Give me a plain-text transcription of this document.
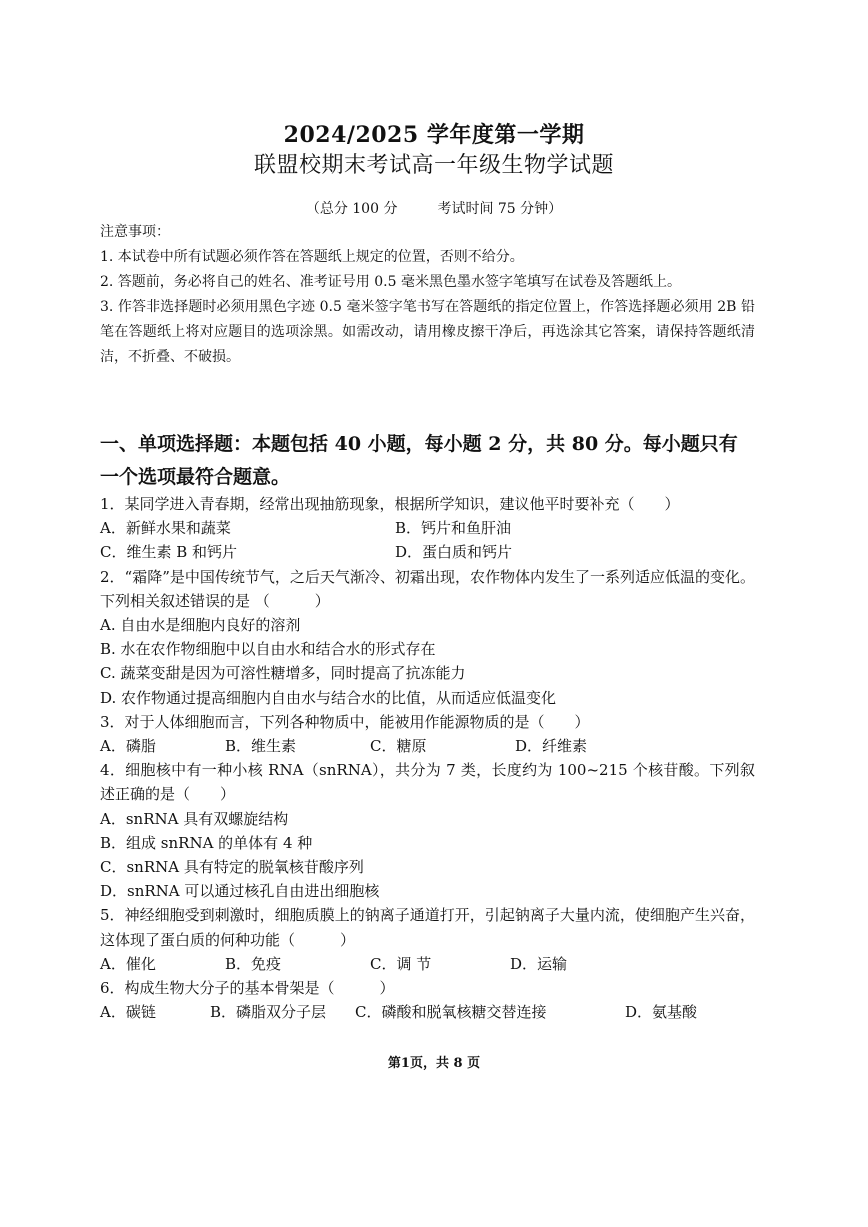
2024/2025 学年度第一学期
联盟校期末考试高一年级生物学试题
（总分 100 分	考试时间 75 分钟）

注意事项：

1. 本试卷中所有试题必须作答在答题纸上规定的位置，否则不给分。

2. 答题前，务必将自己的姓名、准考证号用 0.5 毫米黑色墨水签字笔填写在试卷及答题纸上。

3. 作答非选择题时必须用黑色字迹 0.5 毫米签字笔书写在答题纸的指定位置上，作答选择题必须用 2B 铅笔在答题纸上将对应题目的选项涂黑。如需改动，请用橡皮擦干净后，再选涂其它答案，请保持答题纸清洁，不折叠、不破损。

一、单项选择题：本题包括 40 小题，每小题 2 分，共 80 分。每小题只有一个选项最符合题意。

1．某同学进入青春期，经常出现抽筋现象，根据所学知识，建议他平时要补充（　　）

A．新鲜水果和蔬菜	B．钙片和鱼肝油
C．维生素 B 和钙片	D．蛋白质和钙片

2．“霜降”是中国传统节气，之后天气渐冷、初霜出现，农作物体内发生了一系列适应低温的变化。下列相关叙述错误的是 （　　　）

A. 自由水是细胞内良好的溶剂

B. 水在农作物细胞中以自由水和结合水的形式存在

C. 蔬菜变甜是因为可溶性糖增多，同时提高了抗冻能力

D. 农作物通过提高细胞内自由水与结合水的比值，从而适应低温变化

3．对于人体细胞而言，下列各种物质中，能被用作能源物质的是（　　）

A．磷脂	B．维生素	C．糖原	D．纤维素

4．细胞核中有一种小核 RNA（snRNA），共分为 7 类，长度约为 100~215 个核苷酸。下列叙述正确的是（　　）

A．snRNA 具有双螺旋结构

B．组成 snRNA 的单体有 4 种

C．snRNA 具有特定的脱氧核苷酸序列

D．snRNA 可以通过核孔自由进出细胞核

5．神经细胞受到刺激时，细胞质膜上的钠离子通道打开，引起钠离子大量内流，使细胞产生兴奋，这体现了蛋白质的何种功能（　　　）

A．催化	B．免疫	C．调 节	D．运输

6．构成生物大分子的基本骨架是（　　　）

A．碳链	B．磷脂双分子层	C．磷酸和脱氧核糖交替连接	D．氨基酸
第1页，共 8 页
